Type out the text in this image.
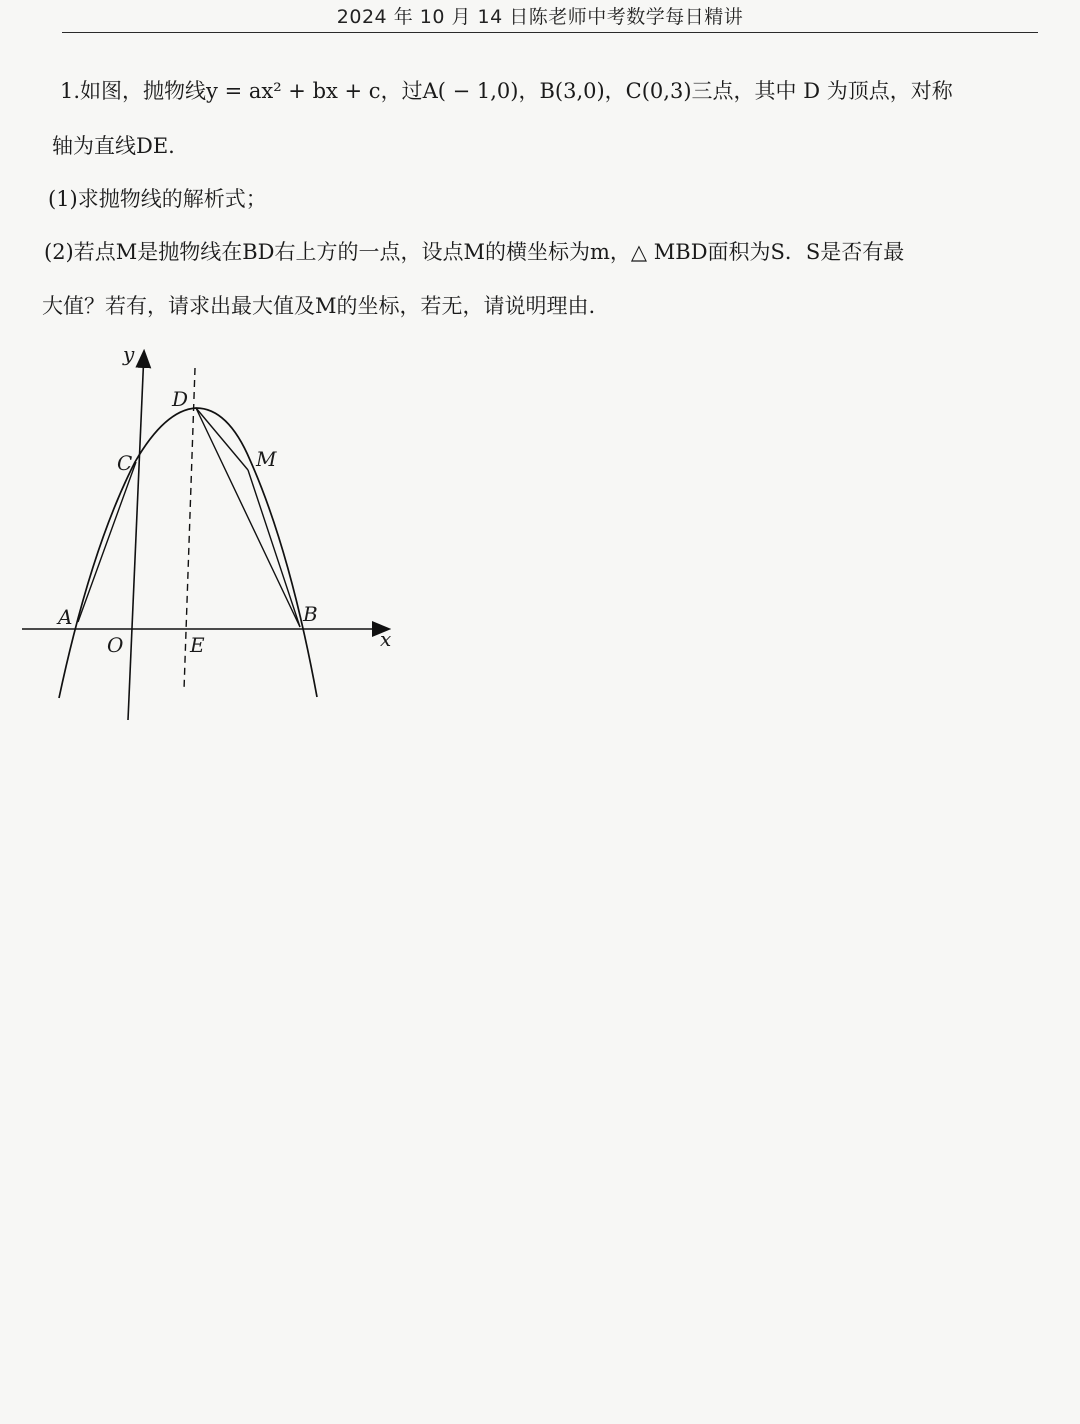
2024 年 10 月 14 日陈老师中考数学每日精讲
1.如图，抛物线y = ax² + bx + c，过A( − 1,0)，B(3,0)，C(0,3)三点，其中 D 为顶点，对称
轴为直线DE.
(1)求抛物线的解析式；
(2)若点M是抛物线在BD右上方的一点，设点M的横坐标为m，△ MBD面积为S．S是否有最
大值？若有，请求出最大值及M的坐标，若无，请说明理由.
y
D
C	M
A	B
O	E	x
